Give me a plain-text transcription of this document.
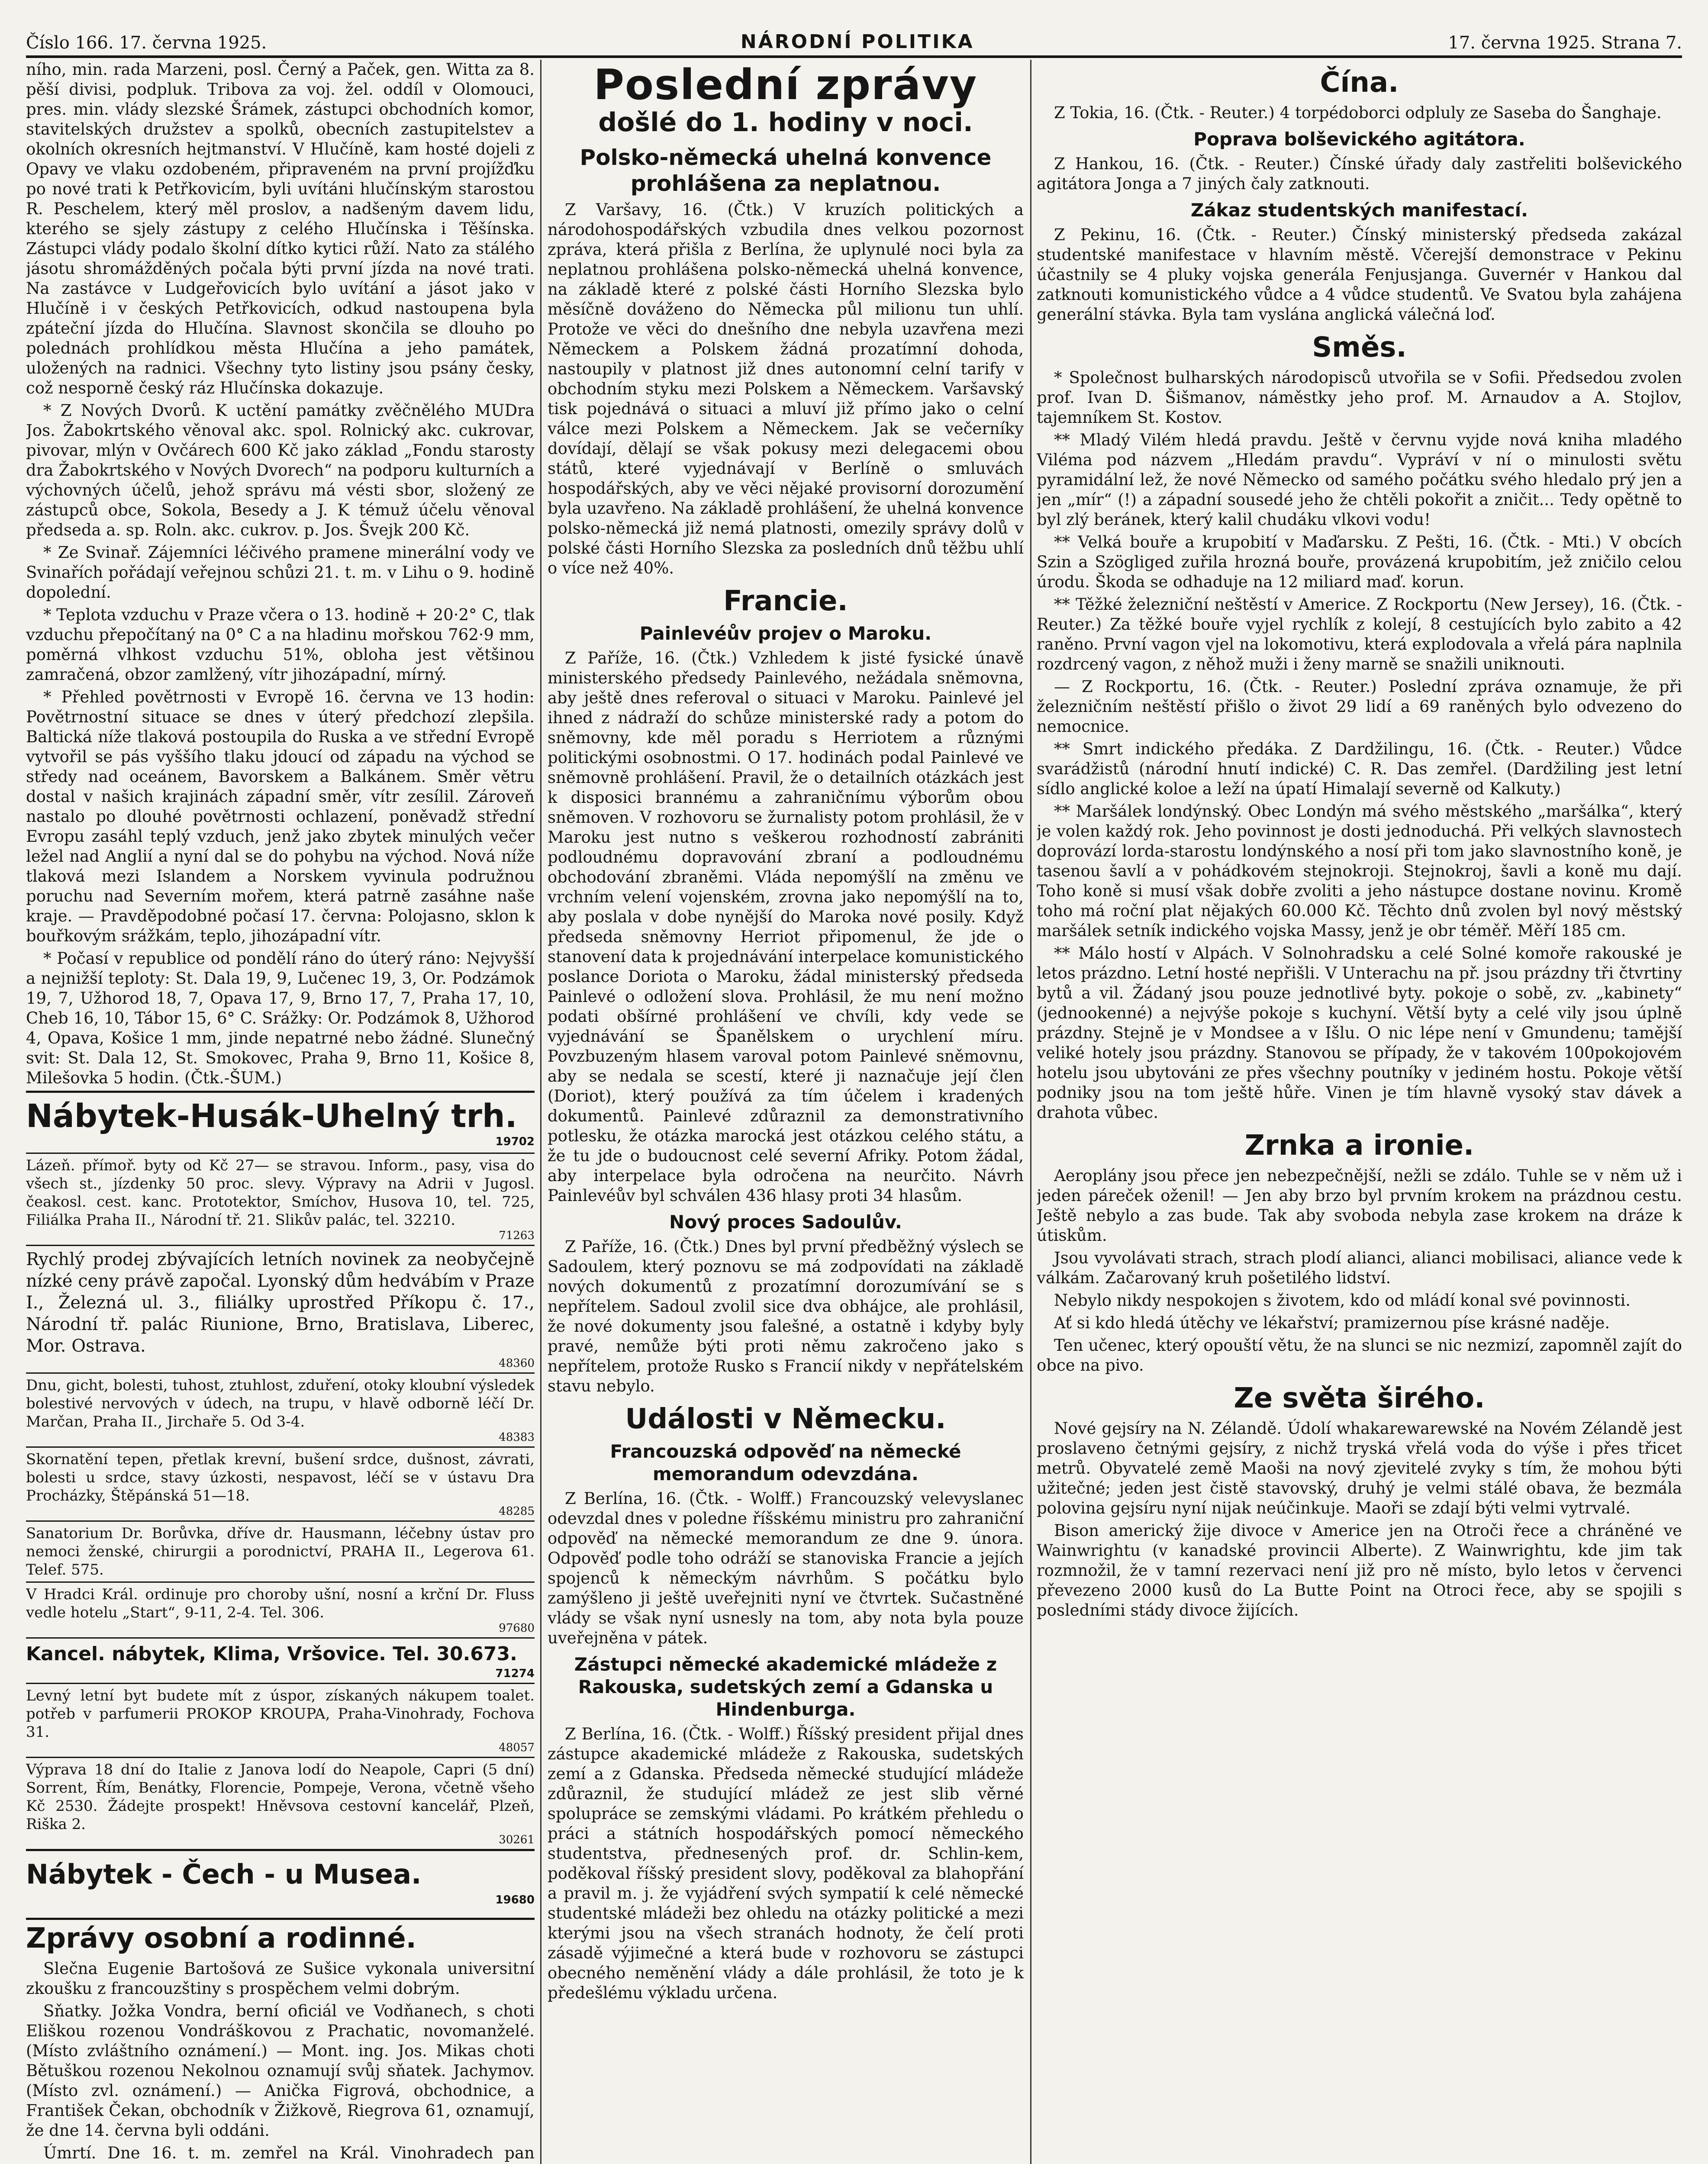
Číslo 166. 17. června 1925.	NÁRODNÍ POLITIKA	17. června 1925. Strana 7.

ního, min. rada Marzeni, posl. Černý a Paček, gen. Witta za 8. pěší divisi, podpluk. Tribova za voj. žel. oddíl v Olomouci, pres. min. vlády slezské Šrámek, zástupci obchodních komor, stavitelských družstev a spolků, obecních zastupitelstev a okolních okresních hejtmanství. V Hlučíně, kam hosté dojeli z Opavy ve vlaku ozdobeném, připraveném na první projížďku po nové trati k Petřkovicím, byli uvítáni hlučínským starostou R. Peschelem, který měl proslov, a nadšeným davem lidu, kterého se sjely zástupy z celého Hlučínska i Těšínska. Zástupci vlády podalo školní dítko kytici růží. Nato za stálého jásotu shromážděných počala býti první jízda na nové trati. Na zastávce v Ludgeřovicích bylo uvítání a jásot jako v Hlučíně i v českých Petřkovicích, odkud nastoupena byla zpáteční jízda do Hlučína. Slavnost skončila se dlouho po polednách prohlídkou města Hlučína a jeho památek, uložených na radnici. Všechny tyto listiny jsou psány česky, což nesporně český ráz Hlučínska dokazuje.

* Z Nových Dvorů. K uctění památky zvěčnělého MUDra Jos. Žabokrtského věnoval akc. spol. Rolnický akc. cukrovar, pivovar, mlýn v Ovčárech 600 Kč jako základ „Fondu starosty dra Žabokrtského v Nových Dvorech“ na podporu kulturních a výchovných účelů, jehož správu má vésti sbor, složený ze zástupců obce, Sokola, Besedy a J. K témuž účelu věnoval předseda a. sp. Roln. akc. cukrov. p. Jos. Švejk 200 Kč.

* Ze Svinař. Zájemníci léčivého pramene minerální vody ve Svinařích pořádají veřejnou schůzi 21. t. m. v Lihu o 9. hodině dopolední.

* Teplota vzduchu v Praze včera o 13. hodině + 20·2° C, tlak vzduchu přepočítaný na 0° C a na hladinu mořskou 762·9 mm, poměrná vlhkost vzduchu 51%, obloha jest většinou zamračená, obzor zamlžený, vítr jihozápadní, mírný.

* Přehled povětrnosti v Evropě 16. června ve 13 hodin: Povětrnostní situace se dnes v úterý předchozí zlepšila. Baltická níže tlaková postoupila do Ruska a ve střední Evropě vytvořil se pás vyššího tlaku jdoucí od západu na východ se středy nad oceánem, Bavorskem a Balkánem. Směr větru dostal v našich krajinách západní směr, vítr zesílil. Zároveň nastalo po dlouhé povětrnosti ochlazení, poněvadž střední Evropu zasáhl teplý vzduch, jenž jako zbytek minulých večer ležel nad Anglií a nyní dal se do pohybu na východ. Nová níže tlaková mezi Islandem a Norskem vyvinula podružnou poruchu nad Severním mořem, která patrně zasáhne naše kraje. — Pravděpodobné počasí 17. června: Polojasno, sklon k bouřkovým srážkám, teplo, jihozápadní vítr.

* Počasí v republice od pondělí ráno do úterý ráno: Nejvyšší a nejnižší teploty: St. Dala 19, 9, Lučenec 19, 3, Or. Podzámok 19, 7, Užhorod 18, 7, Opava 17, 9, Brno 17, 7, Praha 17, 10, Cheb 16, 10, Tábor 15, 6° C. Srážky: Or. Podzámok 8, Užhorod 4, Opava, Košice 1 mm, jinde nepatrné nebo žádné. Slunečný svit: St. Dala 12, St. Smokovec, Praha 9, Brno 11, Košice 8, Milešovka 5 hodin. (Čtk.-ŠUM.)

Nábytek-Husák-Uhelný trh.
19702
Lázeň. přímoř. byty od Kč 27— se stravou. Inform., pasy, visa do všech st., jízdenky 50 proc. slevy. Výpravy na Adrii v Jugosl. čeakosl. cest. kanc. Prototektor, Smíchov, Husova 10, tel. 725, Filiálka Praha II., Národní tř. 21. Slikův palác, tel. 32210.
71263
Rychlý prodej zbývajících letních novinek za neobyčejně nízké ceny právě započal. Lyonský dům hedvábím v Praze I., Železná ul. 3., filiálky uprostřed Příkopu č. 17., Národní tř. palác Riunione, Brno, Bratislava, Liberec, Mor. Ostrava.
48360
Dnu, gicht, bolesti, tuhost, ztuhlost, zduření, otoky kloubní výsledek bolestivé nervových v údech, na trupu, v hlavě odborně léčí Dr. Marčan, Praha II., Jirchaře 5. Od 3-4.
48383
Skornatění tepen, přetlak krevní, bušení srdce, dušnost, závrati, bolesti u srdce, stavy úzkosti, nespavost, léčí se v ústavu Dra Procházky, Štěpánská 51—18.
48285
Sanatorium Dr. Borůvka, dříve dr. Hausmann, léčebny ústav pro nemoci ženské, chirurgii a porodnictví, PRAHA II., Legerova 61. Telef. 575.
V Hradci Král. ordinuje pro choroby ušní, nosní a krční Dr. Fluss vedle hotelu „Start“, 9-11, 2-4. Tel. 306.
97680
Kancel. nábytek, Klima, Vršovice. Tel. 30.673.
71274
Levný letní byt budete mít z úspor, získaných nákupem toalet. potřeb v parfumerii PROKOP KROUPA, Praha-Vinohrady, Fochova 31.
48057
Výprava 18 dní do Italie z Janova lodí do Neapole, Capri (5 dní) Sorrent, Řím, Benátky, Florencie, Pompeje, Verona, včetně všeho Kč 2530. Žádejte prospekt! Hněvsova cestovní kancelář, Plzeň, Riška 2.
30261
Nábytek - Čech - u Musea.
19680
Zprávy osobní a rodinné.

Slečna Eugenie Bartošová ze Sušice vykonala universitní zkoušku z francouzštiny s prospěchem velmi dobrým.

Sňatky. Jožka Vondra, berní oficiál ve Vodňanech, s choti Eliškou rozenou Vondráškovou z Prachatic, novomanželé. (Místo zvláštního oznámení.) — Mont. ing. Jos. Mikas choti Bětuškou rozenou Nekolnou oznamují svůj sňatek. Jachymov. (Místo zvl. oznámení.) — Anička Figrová, obchodnice, a František Čekan, obchodník v Žižkově, Riegrova 61, oznamují, že dne 14. června byli oddáni.

Úmrtí. Dne 16. t. m. zemřel na Král. Vinohradech pan

Poslední zprávy
došlé do 1. hodiny v noci.
Polsko-německá uhelná konvence prohlášena za neplatnou.

Z Varšavy, 16. (Čtk.) V kruzích politických a národohospodářských vzbudila dnes velkou pozornost zpráva, která přišla z Berlína, že uplynulé noci byla za neplatnou prohlášena polsko-německá uhelná konvence, na základě které z polské části Horního Slezska bylo měsíčně dováženo do Německa půl milionu tun uhlí. Protože ve věci do dnešního dne nebyla uzavřena mezi Německem a Polskem žádná prozatímní dohoda, nastoupily v platnost již dnes autonomní celní tarify v obchodním styku mezi Polskem a Německem. Varšavský tisk pojednává o situaci a mluví již přímo jako o celní válce mezi Polskem a Německem. Jak se večerníky dovídají, dělají se však pokusy mezi delegacemi obou států, které vyjednávají v Berlíně o smluvách hospodářských, aby ve věci nějaké provisorní dorozumění byla uzavřeno. Na základě prohlášení, že uhelná konvence polsko-německá již nemá platnosti, omezily správy dolů v polské části Horního Slezska za posledních dnů těžbu uhlí o více než 40%.

Francie.
Painlevéův projev o Maroku.

Z Paříže, 16. (Čtk.) Vzhledem k jisté fysické únavě ministerského předsedy Painlevého, nežádala sněmovna, aby ještě dnes referoval o situaci v Maroku. Painlevé jel ihned z nádraží do schůze ministerské rady a potom do sněmovny, kde měl poradu s Herriotem a různými politickými osobnostmi. O 17. hodinách podal Painlevé ve sněmovně prohlášení. Pravil, že o detailních otázkách jest k disposici brannému a zahraničnímu výborům obou sněmoven. V rozhovoru se žurnalisty potom prohlásil, že v Maroku jest nutno s veškerou rozhodností zabrániti podloudnému dopravování zbraní a podloudnému obchodování zbraněmi. Vláda nepomýšlí na změnu ve vrchním velení vojenském, zrovna jako nepomýšlí na to, aby poslala v dobe nynější do Maroka nové posily. Když předseda sněmovny Herriot připomenul, že jde o stanovení data k projednávání interpelace komunistického poslance Doriota o Maroku, žádal ministerský předseda Painlevé o odložení slova. Prohlásil, že mu není možno podati obšírné prohlášení ve chvíli, kdy vede se vyjednávání se Španělskem o urychlení míru. Povzbuzeným hlasem varoval potom Painlevé sněmovnu, aby se nedala se scestí, které ji naznačuje její člen (Doriot), který používá za tím účelem i kradených dokumentů. Painlevé zdůraznil za demonstrativního potlesku, že otázka marocká jest otázkou celého státu, a že tu jde o budoucnost celé severní Afriky. Potom žádal, aby interpelace byla odročena na neurčito. Návrh Painlevéův byl schválen 436 hlasy proti 34 hlasům.

Nový proces Sadoulův.

Z Paříže, 16. (Čtk.) Dnes byl první předběžný výslech se Sadoulem, který poznovu se má zodpovídati na základě nových dokumentů z prozatímní dorozumívání se s nepřítelem. Sadoul zvolil sice dva obhájce, ale prohlásil, že nové dokumenty jsou falešné, a ostatně i kdyby byly pravé, nemůže býti proti němu zakročeno jako s nepřítelem, protože Rusko s Francií nikdy v nepřátelském stavu nebylo.

Události v Německu.
Francouzská odpověď na německé memorandum odevzdána.

Z Berlína, 16. (Čtk. - Wolff.) Francouzský velevyslanec odevzdal dnes v poledne říšskému ministru pro zahraniční odpověď na německé memorandum ze dne 9. února. Odpověď podle toho odráží se stanoviska Francie a jejích spojenců k německým návrhům. S počátku bylo zamýšleno ji ještě uveřejniti nyní ve čtvrtek. Sučastněné vlády se však nyní usnesly na tom, aby nota byla pouze uveřejněna v pátek.

Zástupci německé akademické mládeže z Rakouska, sudetských zemí a Gdanska u Hindenburga.

Z Berlína, 16. (Čtk. - Wolff.) Říšský president přijal dnes zástupce akademické mládeže z Rakouska, sudetských zemí a z Gdanska. Předseda německé studující mládeže zdůraznil, že studující mládež ze jest slib věrné spolupráce se zemskými vládami. Po krátkém přehledu o práci a státních hospodářských pomocí německého studentstva, přednesených prof. dr. Schlin-kem, poděkoval říšský president slovy, poděkoval za blahopřání a pravil m. j. že vyjádření svých sympatií k celé německé studentské mládeži bez ohledu na otázky politické a mezi kterými jsou na všech stranách hodnoty, že čelí proti zásadě výjimečné a která bude v rozhovoru se zástupci obecného neměnění vlády a dále prohlásil, že toto je k předešlému výkladu určena.

Čína.

Z Tokia, 16. (Čtk. - Reuter.) 4 torpédoborci odpluly ze Saseba do Šanghaje.

Poprava bolševického agitátora.

Z Hankou, 16. (Čtk. - Reuter.) Čínské úřady daly zastřeliti bolševického agitátora Jonga a 7 jiných čaly zatknouti.

Zákaz studentských manifestací.

Z Pekinu, 16. (Čtk. - Reuter.) Čínský ministerský předseda zakázal studentské manifestace v hlavním městě. Včerejší demonstrace v Pekinu účastnily se 4 pluky vojska generála Fenjusjanga. Guvernér v Hankou dal zatknouti komunistického vůdce a 4 vůdce studentů. Ve Svatou byla zahájena generální stávka. Byla tam vyslána anglická válečná loď.

Směs.

* Společnost bulharských národopisců utvořila se v Sofii. Předsedou zvolen prof. Ivan D. Šišmanov, náměstky jeho prof. M. Arnaudov a A. Stojlov, tajemníkem St. Kostov.

** Mladý Vilém hledá pravdu. Ještě v červnu vyjde nová kniha mladého Viléma pod názvem „Hledám pravdu“. Vypráví v ní o minulosti světu pyramidální lež, že nové Německo od samého počátku svého hledalo prý jen a jen „mír“ (!) a západní sousedé jeho že chtěli pokořit a zničit... Tedy opětně to byl zlý beránek, který kalil chudáku vlkovi vodu!

** Velká bouře a krupobití v Maďarsku. Z Pešti, 16. (Čtk. - Mti.) V obcích Szin a Szögliged zuřila hrozná bouře, provázená krupobitím, jež zničilo celou úrodu. Škoda se odhaduje na 12 miliard maď. korun.

** Těžké železniční neštěstí v Americe. Z Rockportu (New Jersey), 16. (Čtk. - Reuter.) Za těžké bouře vyjel rychlík z kolejí, 8 cestujících bylo zabito a 42 raněno. První vagon vjel na lokomotivu, která explodovala a vřelá pára naplnila rozdrcený vagon, z něhož muži i ženy marně se snažili uniknouti.

— Z Rockportu, 16. (Čtk. - Reuter.) Poslední zpráva oznamuje, že při železničním neštěstí přišlo o život 29 lidí a 69 raněných bylo odvezeno do nemocnice.

** Smrt indického předáka. Z Dardžilingu, 16. (Čtk. - Reuter.) Vůdce svarádžistů (národní hnutí indické) C. R. Das zemřel. (Dardžiling jest letní sídlo anglické koloe a leží na úpatí Himalají severně od Kalkuty.)

** Maršálek londýnský. Obec Londýn má svého městského „maršálka“, který je volen každý rok. Jeho povinnost je dosti jednoduchá. Při velkých slavnostech doprovází lorda-starostu londýnského a nosí při tom jako slavnostního koně, je tasenou šavlí a v pohádkovém stejnokroji. Stejnokroj, šavli a koně mu dají. Toho koně si musí však dobře zvoliti a jeho nástupce dostane novinu. Kromě toho má roční plat nějakých 60.000 Kč. Těchto dnů zvolen byl nový městský maršálek setník indického vojska Massy, jenž je obr téměř. Měří 185 cm.

** Málo hostí v Alpách. V Solnohradsku a celé Solné komoře rakouské je letos prázdno. Letní hosté nepřišli. V Unterachu na př. jsou prázdny tři čtvrtiny bytů a vil. Žádaný jsou pouze jednotlivé byty. pokoje o sobě, zv. „kabinety“ (jednookenné) a nejvýše pokoje s kuchyní. Větší byty a celé vily jsou úplně prázdny. Stejně je v Mondsee a v Išlu. O nic lépe není v Gmundenu; tamější veliké hotely jsou prázdny. Stanovou se případy, že v takovém 100pokojovém hotelu jsou ubytováni ze přes všechny poutníky v jediném hostu. Pokoje větší podniky jsou na tom ještě hůře. Vinen je tím hlavně vysoký stav dávek a drahota vůbec.

Zrnka a ironie.

Aeroplány jsou přece jen nebezpečnější, nežli se zdálo. Tuhle se v něm už i jeden páreček oženil! — Jen aby brzo byl prvním krokem na prázdnou cestu. Ještě nebylo a zas bude. Tak aby svoboda nebyla zase krokem na dráze k útiskům.

Jsou vyvolávati strach, strach plodí alianci, alianci mobilisaci, aliance vede k válkám. Začarovaný kruh pošetilého lidství.

Nebylo nikdy nespokojen s životem, kdo od mládí konal své povinnosti.

Ať si kdo hledá útěchy ve lékařství; pramizernou píse krásné naděje.

Ten učenec, který opouští větu, že na slunci se nic nezmizí, zapomněl zajít do obce na pivo.

Ze světa širého.

Nové gejsíry na N. Zélandě. Údolí whakarewarewské na Novém Zélandě jest proslaveno četnými gejsíry, z nichž tryská vřelá voda do výše i přes třicet metrů. Obyvatelé země Maoši na nový zjevitelé zvyky s tím, že mohou býti užitečné; jeden jest čistě stavovský, druhý je velmi stálé obava, že bezmála polovina gejsíru nyní nijak neúčinkuje. Maoři se zdají býti velmi vytrvalé.

Bison americký žije divoce v Americe jen na Otroči řece a chráněné ve Wainwrightu (v kanadské provincii Alberte). Z Wainwrightu, kde jim tak rozmnožil, že v tamní rezervaci není již pro ně místo, bylo letos v červenci převezeno 2000 kusů do La Butte Point na Otroci řece, aby se spojili s posledními stády divoce žijících.
